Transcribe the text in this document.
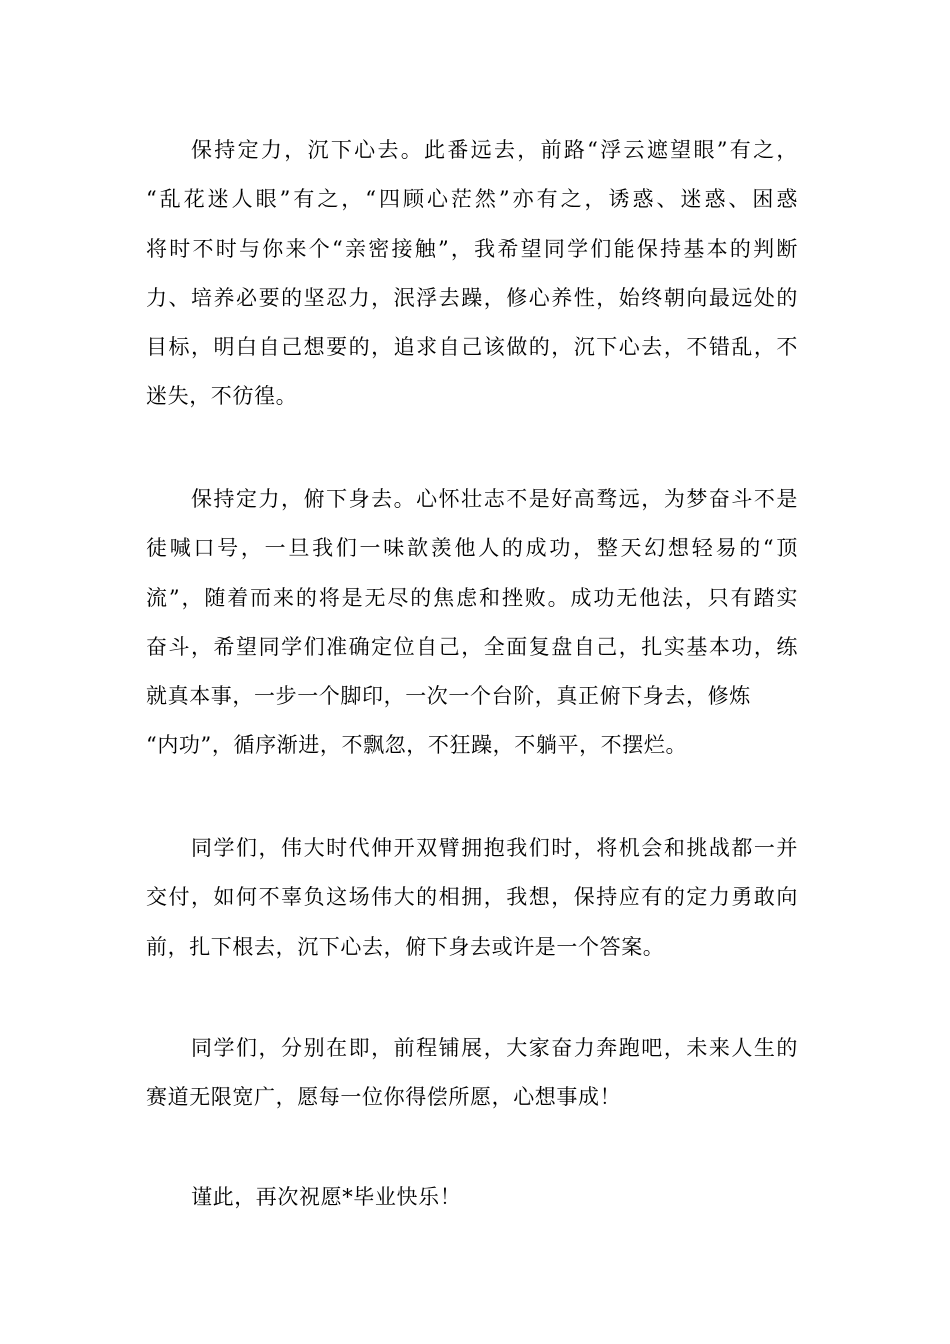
保持定力，沉下心去。此番远去，前路“浮云遮望眼”有之，
“乱花迷人眼”有之，“四顾心茫然”亦有之，诱惑、迷惑、困惑
将时不时与你来个“亲密接触”，我希望同学们能保持基本的判断
力、培养必要的坚忍力，泯浮去躁，修心养性，始终朝向最远处的
目标，明白自己想要的，追求自己该做的，沉下心去，不错乱，不
迷失，不彷徨。
保持定力，俯下身去。心怀壮志不是好高骛远，为梦奋斗不是
徒喊口号，一旦我们一味歆羡他人的成功，整天幻想轻易的“顶
流”，随着而来的将是无尽的焦虑和挫败。成功无他法，只有踏实
奋斗，希望同学们准确定位自己，全面复盘自己，扎实基本功，练
就真本事，一步一个脚印，一次一个台阶，真正俯下身去，修炼
“内功”，循序渐进，不飘忽，不狂躁，不躺平，不摆烂。
同学们，伟大时代伸开双臂拥抱我们时，将机会和挑战都一并
交付，如何不辜负这场伟大的相拥，我想，保持应有的定力勇敢向
前，扎下根去，沉下心去，俯下身去或许是一个答案。
同学们，分别在即，前程铺展，大家奋力奔跑吧，未来人生的
赛道无限宽广，愿每一位你得偿所愿，心想事成！
谨此，再次祝愿*毕业快乐！
